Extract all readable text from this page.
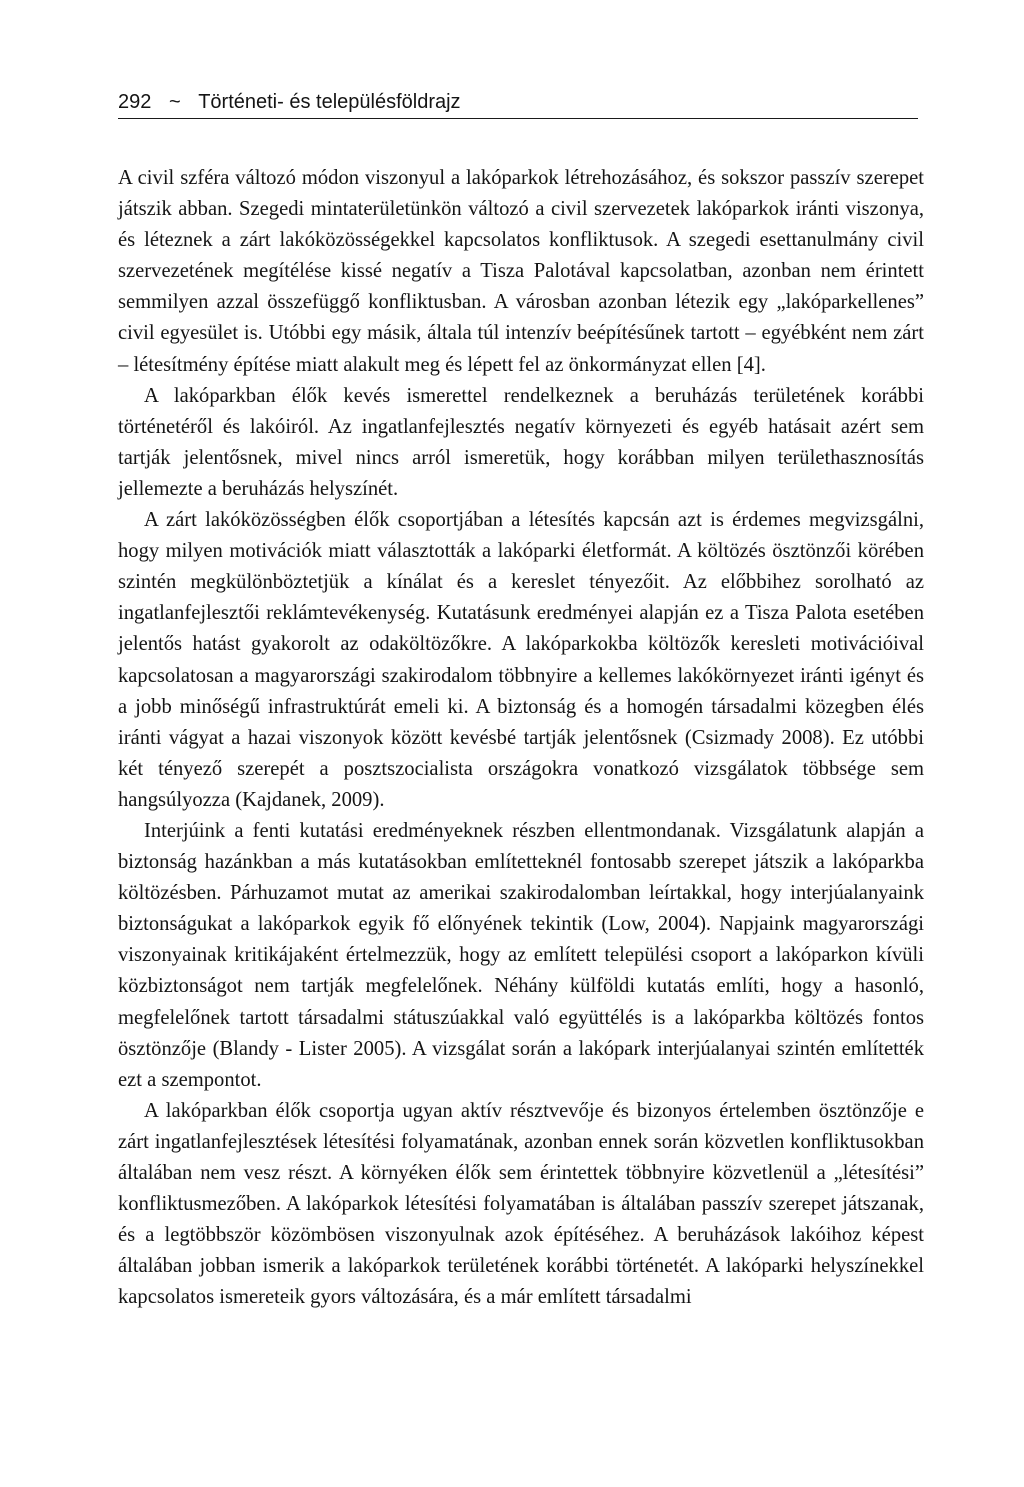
292 ~ Történeti- és településföldrajz

A civil szféra változó módon viszonyul a lakóparkok létrehozásához, és sokszor passzív szerepet játszik abban. Szegedi mintaterületünkön változó a civil szervezetek lakóparkok iránti viszonya, és léteznek a zárt lakóközösségekkel kapcsolatos konfliktusok. A szegedi esettanulmány civil szervezetének megítélése kissé negatív a Tisza Palotával kapcsolatban, azonban nem érintett semmilyen azzal összefüggő konfliktusban. A városban azonban létezik egy „lakóparkellenes” civil egyesület is. Utóbbi egy másik, általa túl intenzív beépítésűnek tartott – egyébként nem zárt – létesítmény építése miatt alakult meg és lépett fel az önkormányzat ellen [4].

A lakóparkban élők kevés ismerettel rendelkeznek a beruházás területének korábbi történetéről és lakóiról. Az ingatlanfejlesztés negatív környezeti és egyéb hatásait azért sem tartják jelentősnek, mivel nincs arról ismeretük, hogy korábban milyen területhasznosítás jellemezte a beruházás helyszínét.

A zárt lakóközösségben élők csoportjában a létesítés kapcsán azt is érdemes megvizsgálni, hogy milyen motivációk miatt választották a lakóparki életformát. A költözés ösztönzői körében szintén megkülönböztetjük a kínálat és a kereslet tényezőit. Az előbbihez sorolható az ingatlanfejlesztői reklámtevékenység. Kutatásunk eredményei alapján ez a Tisza Palota esetében jelentős hatást gyakorolt az odaköltözőkre. A lakóparkokba költözők keresleti motivációival kapcsolatosan a magyarországi szakirodalom többnyire a kellemes lakókörnyezet iránti igényt és a jobb minőségű infrastruktúrát emeli ki. A biztonság és a homogén társadalmi közegben élés iránti vágyat a hazai viszonyok között kevésbé tartják jelentősnek (Csizmady 2008). Ez utóbbi két tényező szerepét a posztszocialista országokra vonatkozó vizsgálatok többsége sem hangsúlyozza (Kajdanek, 2009).

Interjúink a fenti kutatási eredményeknek részben ellentmondanak. Vizsgálatunk alapján a biztonság hazánkban a más kutatásokban említetteknél fontosabb szerepet játszik a lakóparkba költözésben. Párhuzamot mutat az amerikai szakirodalomban leírtakkal, hogy interjúalanyaink biztonságukat a lakóparkok egyik fő előnyének tekintik (Low, 2004). Napjaink magyarországi viszonyainak kritikájaként értelmezzük, hogy az említett települési csoport a lakóparkon kívüli közbiztonságot nem tartják megfelelőnek. Néhány külföldi kutatás említi, hogy a hasonló, megfelelőnek tartott társadalmi státuszúakkal való együttélés is a lakóparkba költözés fontos ösztönzője (Blandy - Lister 2005). A vizsgálat során a lakópark interjúalanyai szintén említették ezt a szempontot.

A lakóparkban élők csoportja ugyan aktív résztvevője és bizonyos értelemben ösztönzője e zárt ingatlanfejlesztések létesítési folyamatának, azonban ennek során közvetlen konfliktusokban általában nem vesz részt. A környéken élők sem érintettek többnyire közvetlenül a „létesítési” konfliktusmezőben. A lakóparkok létesítési folyamatában is általában passzív szerepet játszanak, és a legtöbbször közömbösen viszonyulnak azok építéséhez. A beruházások lakóihoz képest általában jobban ismerik a lakóparkok területének korábbi történetét. A lakóparki helyszínekkel kapcsolatos ismereteik gyors változására, és a már említett társadalmi
